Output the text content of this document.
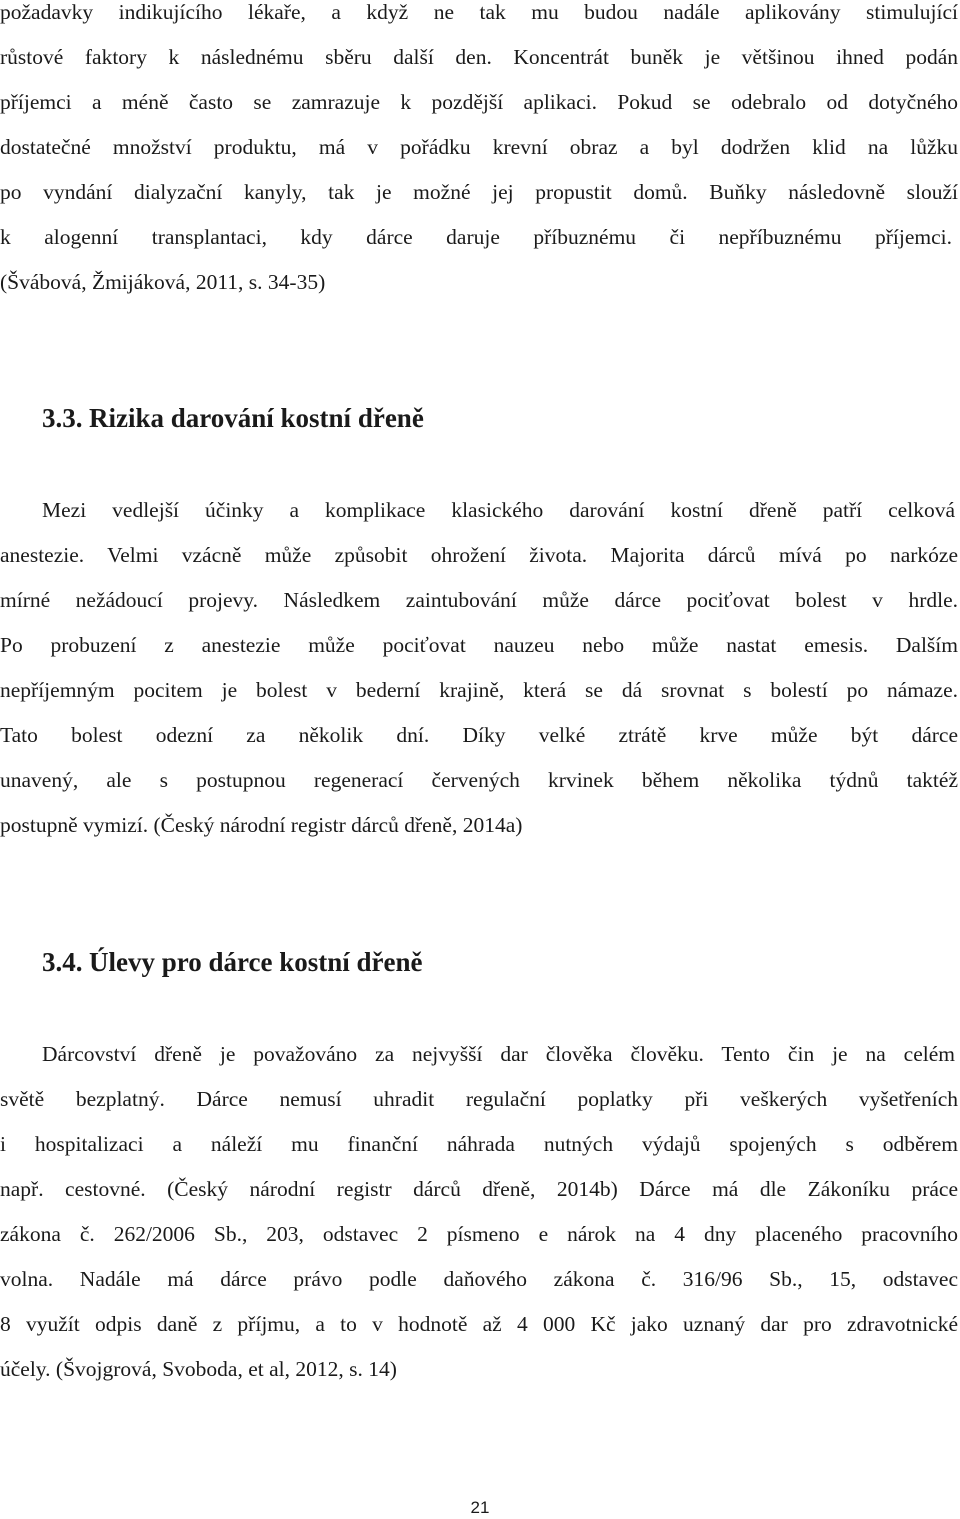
požadavky indikujícího lékaře, a když ne tak mu budou nadále aplikovány stimulující
růstové faktory k následnému sběru další den. Koncentrát buněk je většinou ihned podán
příjemci a méně často se zamrazuje k pozdější aplikaci. Pokud se odebralo od dotyčného
dostatečné množství produktu, má v pořádku krevní obraz a byl dodržen klid na lůžku
po vyndání dialyzační kanyly, tak je možné jej propustit domů. Buňky následovně slouží
k alogenní transplantaci, kdy dárce daruje příbuznému či nepříbuznému příjemci.
(Švábová, Žmijáková, 2011, s. 34-35)
3.3. Rizika darování kostní dřeně
Mezi vedlejší účinky a komplikace klasického darování kostní dřeně patří celková
anestezie. Velmi vzácně může způsobit ohrožení života. Majorita dárců mívá po narkóze
mírné nežádoucí projevy. Následkem zaintubování může dárce pociťovat bolest v hrdle.
Po probuzení z anestezie může pociťovat nauzeu nebo může nastat emesis. Dalším
nepříjemným pocitem je bolest v bederní krajině, která se dá srovnat s bolestí po námaze.
Tato bolest odezní za několik dní. Díky velké ztrátě krve může být dárce
unavený, ale s postupnou regenerací červených krvinek během několika týdnů taktéž
postupně vymizí. (Český národní registr dárců dřeně, 2014a)
3.4. Úlevy pro dárce kostní dřeně
Dárcovství dřeně je považováno za nejvyšší dar člověka člověku. Tento čin je na celém
světě bezplatný. Dárce nemusí uhradit regulační poplatky při veškerých vyšetřeních
i hospitalizaci a náleží mu finanční náhrada nutných výdajů spojených s odběrem
např. cestovné. (Český národní registr dárců dřeně, 2014b) Dárce má dle Zákoníku práce
zákona č. 262/2006 Sb., 203, odstavec 2 písmeno e nárok na 4 dny placeného pracovního
volna. Nadále má dárce právo podle daňového zákona č. 316/96 Sb., 15, odstavec
8 využít odpis daně z příjmu, a to v hodnotě až 4 000 Kč jako uznaný dar pro zdravotnické
účely. (Švojgrová, Svoboda, et al, 2012, s. 14)
21
